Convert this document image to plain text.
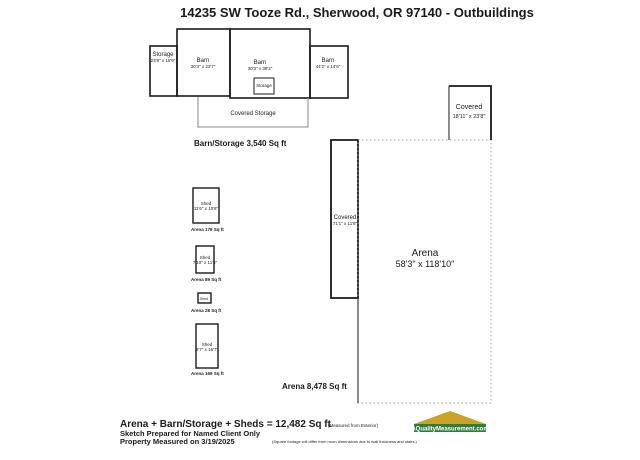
14235 SW Tooze Rd., Sherwood, OR 97140 - Outbuildings
Storage
23'8" x 15'9"	Barn
30'3" x 23'7"
Barn
30'3" x 38'2"
Barn
44'2" x 14'6"
Storage
Covered Storage
Barn/Storage 3,540 Sq ft
Shed
11'6" x 10'6"
Arena 178 Sq ft
Shed
7'10" x 11'5"
Arena 89 Sq ft
Shed
Arena 28 Sq ft
Shed
9'7" x 16'7"
Arena 169 Sq ft
Covered
71'1" x 11'8"
Covered
18'11" x 23'8"
Arena
58'3" x 118'10"
Arena 8,478 Sq ft
Arena + Barn/Storage + Sheds = 12,482 Sq ft
(Measured from Exterior)
Sketch Prepared for Named Client Only
Property Measured on 3/19/2025	(Square footage will differ from room dimensions due to wall thickness and stairs.)
AQualityMeasurement.com
